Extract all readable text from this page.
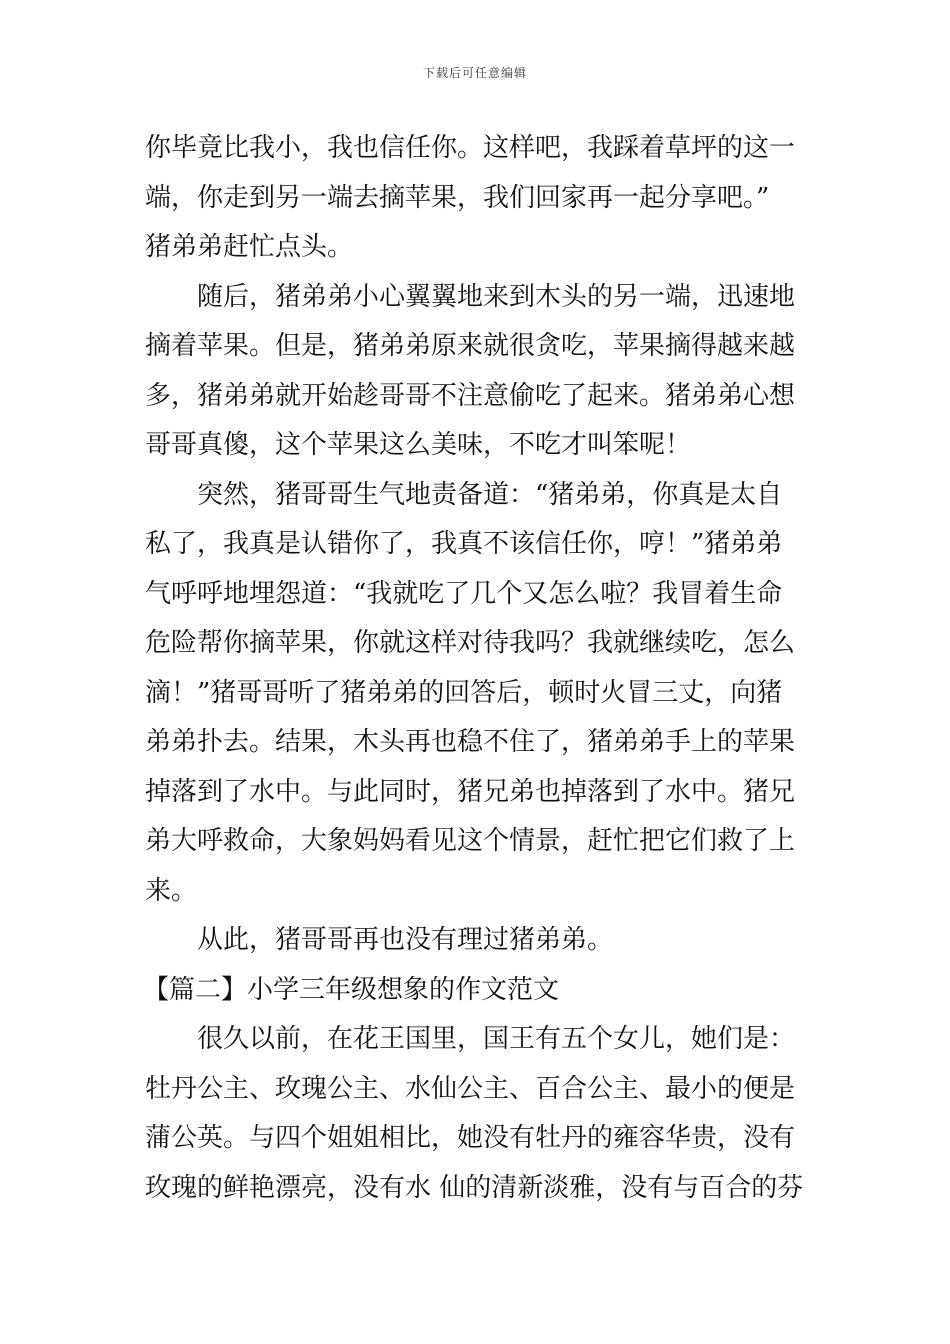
下载后可任意编辑

你毕竟比我小，我也信任你。这样吧，我踩着草坪的这一

端，你走到另一端去摘苹果，我们回家再一起分享吧。”

猪弟弟赶忙点头。

随后，猪弟弟小心翼翼地来到木头的另一端，迅速地

摘着苹果。但是，猪弟弟原来就很贪吃，苹果摘得越来越

多，猪弟弟就开始趁哥哥不注意偷吃了起来。猪弟弟心想

哥哥真傻，这个苹果这么美味，不吃才叫笨呢！

突然，猪哥哥生气地责备道：“猪弟弟，你真是太自

私了，我真是认错你了，我真不该信任你，哼！”猪弟弟

气呼呼地埋怨道：“我就吃了几个又怎么啦？我冒着生命

危险帮你摘苹果，你就这样对待我吗？我就继续吃，怎么

滴！”猪哥哥听了猪弟弟的回答后，顿时火冒三丈，向猪

弟弟扑去。结果，木头再也稳不住了，猪弟弟手上的苹果

掉落到了水中。与此同时，猪兄弟也掉落到了水中。猪兄

弟大呼救命，大象妈妈看见这个情景，赶忙把它们救了上

来。

从此，猪哥哥再也没有理过猪弟弟。

【篇二】小学三年级想象的作文范文

很久以前，在花王国里，国王有五个女儿，她们是：

牡丹公主、玫瑰公主、水仙公主、百合公主、最小的便是

蒲公英。与四个姐姐相比，她没有牡丹的雍容华贵，没有

玫瑰的鲜艳漂亮，没有水 仙的清新淡雅，没有与百合的芬
